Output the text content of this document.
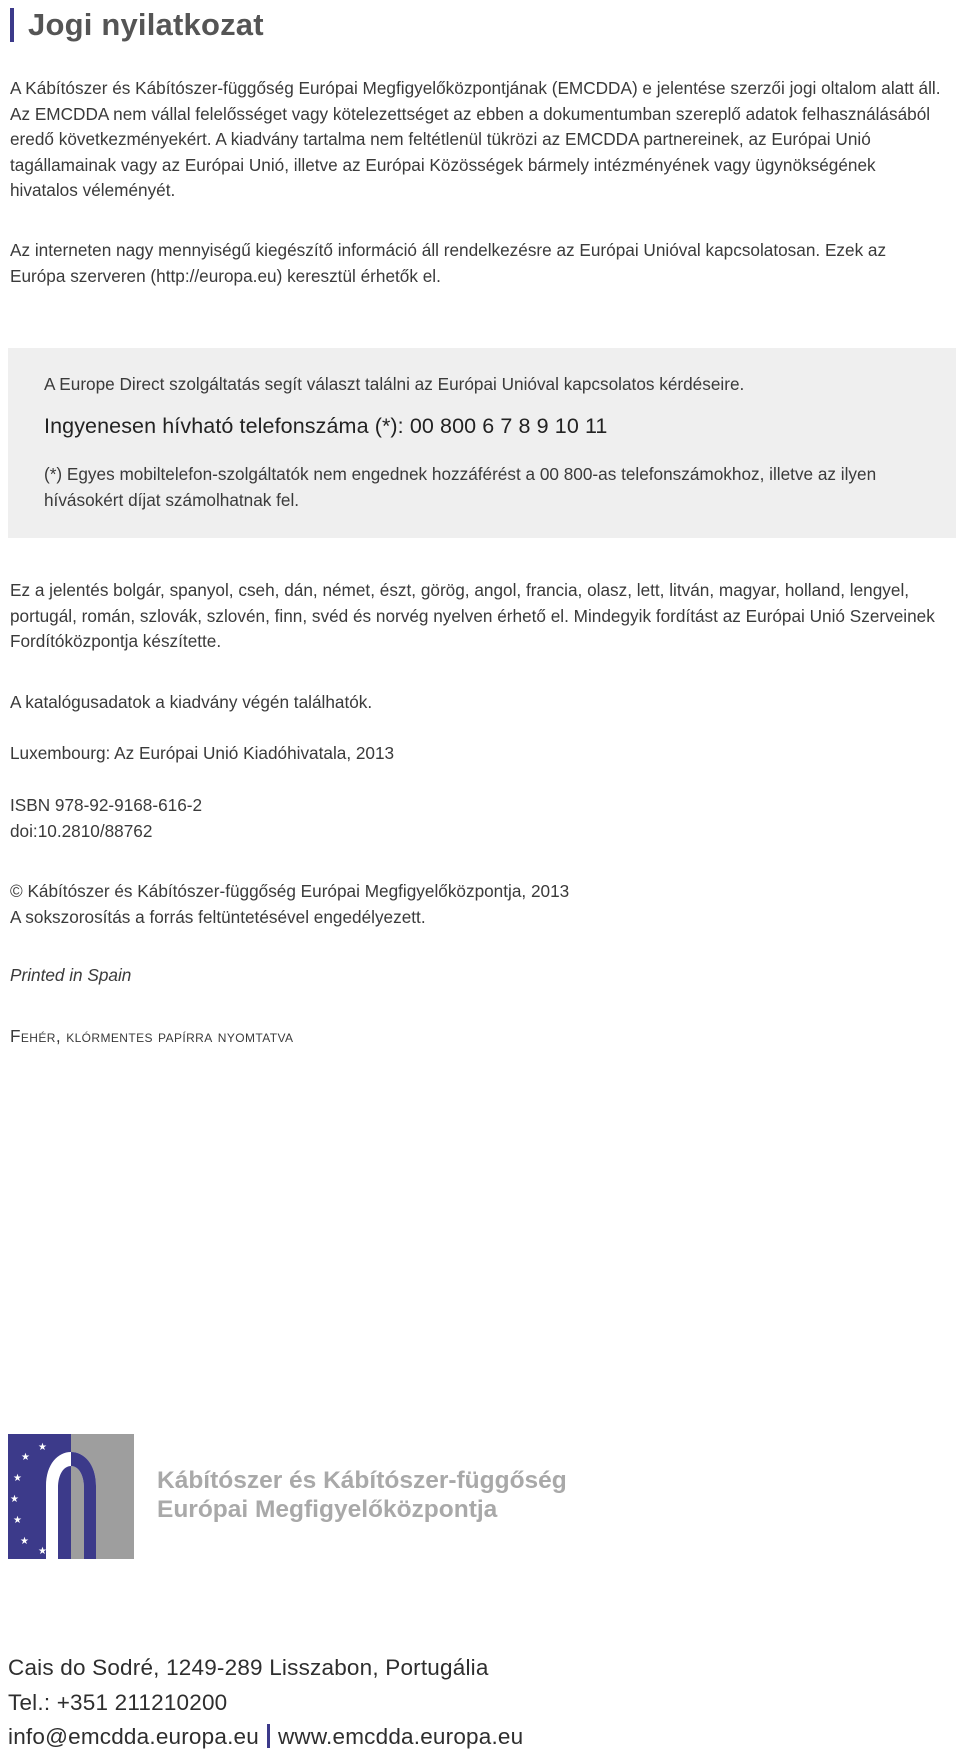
Jogi nyilatkozat

A Kábítószer és Kábítószer-függőség Európai Megfigyelőközpontjának (EMCDDA) e jelentése szerzői jogi oltalom alatt áll. Az EMCDDA nem vállal felelősséget vagy kötelezettséget az ebben a dokumentumban szereplő adatok felhasználásából eredő következményekért. A kiadvány tartalma nem feltétlenül tükrözi az EMCDDA partnereinek, az Európai Unió tagállamainak vagy az Európai Unió, illetve az Európai Közösségek bármely intézményének vagy ügynökségének hivatalos véleményét.

Az interneten nagy mennyiségű kiegészítő információ áll rendelkezésre az Európai Unióval kapcsolatosan. Ezek az Európa szerveren (http://europa.eu) keresztül érhetők el.

A Europe Direct szolgáltatás segít választ találni az Európai Unióval kapcsolatos kérdéseire.
Ingyenesen hívható telefonszáma (*): 00 800 6 7 8 9 10 11
(*) Egyes mobiltelefon-szolgáltatók nem engednek hozzáférést a 00 800-as telefonszámokhoz, illetve az ilyen hívásokért díjat számolhatnak fel.

Ez a jelentés bolgár, spanyol, cseh, dán, német, észt, görög, angol, francia, olasz, lett, litván, magyar, holland, lengyel, portugál, román, szlovák, szlovén, finn, svéd és norvég nyelven érhető el. Mindegyik fordítást az Európai Unió Szerveinek Fordítóközpontja készítette.

A katalógusadatok a kiadvány végén találhatók.

Luxembourg: Az Európai Unió Kiadóhivatala, 2013

ISBN 978-92-9168-616-2
doi:10.2810/88762
© Kábítószer és Kábítószer-függőség Európai Megfigyelőközpontja, 2013
A sokszorosítás a forrás feltüntetésével engedélyezett.

Printed in Spain

Fehér, klórmentes papírra nyomtatva

★
★
★
★
★
★
★
Kábítószer és Kábítószer-függőség
Európai Megfigyelőközpontja
Cais do Sodré, 1249-289 Lisszabon, Portugália
Tel.: +351 211210200
info@emcdda.europa.eu www.emcdda.europa.eu
